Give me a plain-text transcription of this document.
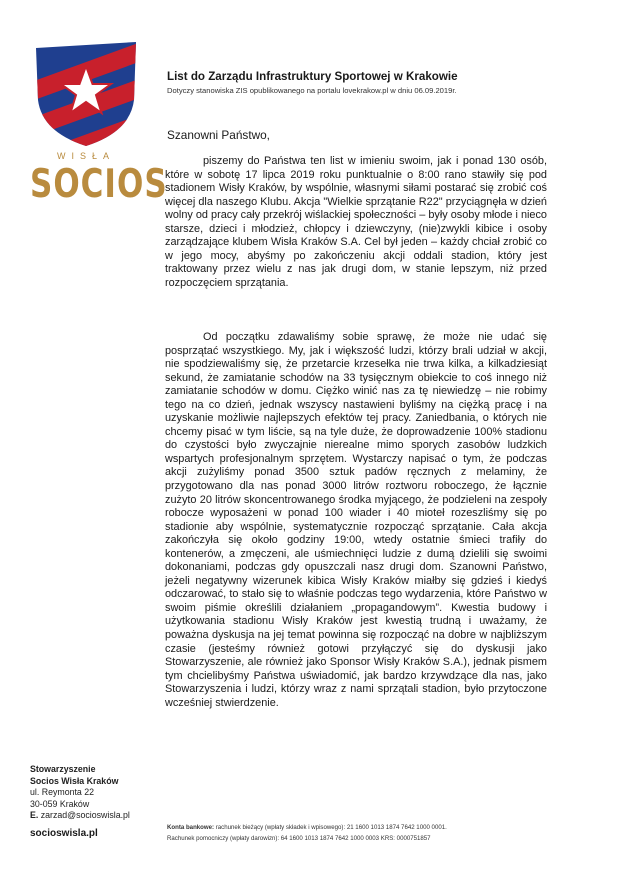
WISŁA
SOCIOS
List do Zarządu Infrastruktury Sportowej w Krakowie
Dotyczy stanowiska ZIS opublikowanego na portalu lovekrakow.pl w dniu 06.09.2019r.
Szanowni Państwo,

piszemy do Państwa ten list w imieniu swoim, jak i ponad 130 osób, które w sobotę 17 lipca 2019 roku punktualnie o 8:00 rano stawiły się pod stadionem Wisły Kraków, by wspólnie, własnymi siłami postarać się zrobić coś więcej dla naszego Klubu. Akcja "Wielkie sprzątanie R22" przyciągnęła w dzień wolny od pracy cały przekrój wiślackiej społeczności – były osoby młode i nieco starsze, dzieci i młodzież, chłopcy i dziewczyny, (nie)zwykli kibice i osoby zarządzające klubem Wisła Kraków S.A. Cel był jeden – każdy chciał zrobić co w jego mocy, abyśmy po zakończeniu akcji oddali stadion, który jest traktowany przez wielu z nas jak drugi dom, w stanie lepszym, niż przed rozpoczęciem sprzątania.

Od początku zdawaliśmy sobie sprawę, że może nie udać się posprzątać wszystkiego. My, jak i większość ludzi, którzy brali udział w akcji, nie spodziewaliśmy się, że przetarcie krzesełka nie trwa kilka, a kilkadziesiąt sekund, że zamiatanie schodów na 33 tysięcznym obiekcie to coś innego niż zamiatanie schodów w domu. Ciężko winić nas za tę niewiedzę – nie robimy tego na co dzień, jednak wszyscy nastawieni byliśmy na ciężką pracę i na uzyskanie możliwie najlepszych efektów tej pracy. Zaniedbania, o których nie chcemy pisać w tym liście, są na tyle duże, że doprowadzenie 100% stadionu do czystości było zwyczajnie nierealne mimo sporych zasobów ludzkich wspartych profesjonalnym sprzętem. Wystarczy napisać o tym, że podczas akcji zużyliśmy ponad 3500 sztuk padów ręcznych z melaminy, że przygotowano dla nas ponad 3000 litrów roztworu roboczego, że łącznie zużyto 20 litrów skoncentrowanego środka myjącego, że podzieleni na zespoły robocze wyposażeni w ponad 100 wiader i 40 mioteł rozeszliśmy się po stadionie aby wspólnie, systematycznie rozpocząć sprzątanie. Cała akcja zakończyła się około godziny 19:00, wtedy ostatnie śmieci trafiły do kontenerów, a zmęczeni, ale uśmiechnięci ludzie z dumą dzielili się swoimi dokonaniami, podczas gdy opuszczali nasz drugi dom. Szanowni Państwo, jeżeli negatywny wizerunek kibica Wisły Kraków miałby się gdzieś i kiedyś odczarować, to stało się to właśnie podczas tego wydarzenia, które Państwo w swoim piśmie określili działaniem „propagandowym”. Kwestia budowy i użytkowania stadionu Wisły Kraków jest kwestią trudną i uważamy, że poważna dyskusja na jej temat powinna się rozpocząć na dobre w najbliższym czasie (jesteśmy również gotowi przyłączyć się do dyskusji jako Stowarzyszenie, ale również jako Sponsor Wisły Kraków S.A.), jednak pismem tym chcielibyśmy Państwa uświadomić, jak bardzo krzywdzące dla nas, jako Stowarzyszenia i ludzi, którzy wraz z nami sprzątali stadion, było przytoczone wcześniej stwierdzenie.

Stowarzyszenie
Socios Wisła Kraków
ul. Reymonta 22
30-059 Kraków
E. zarzad@socioswisla.pl
socioswisla.pl
Konta bankowe: rachunek bieżący (wpłaty składek i wpisowego): 21 1600 1013 1874 7642 1000 0001.
Rachunek pomocniczy (wpłaty darowizn): 64 1600 1013 1874 7642 1000 0003 KRS: 0000751857
